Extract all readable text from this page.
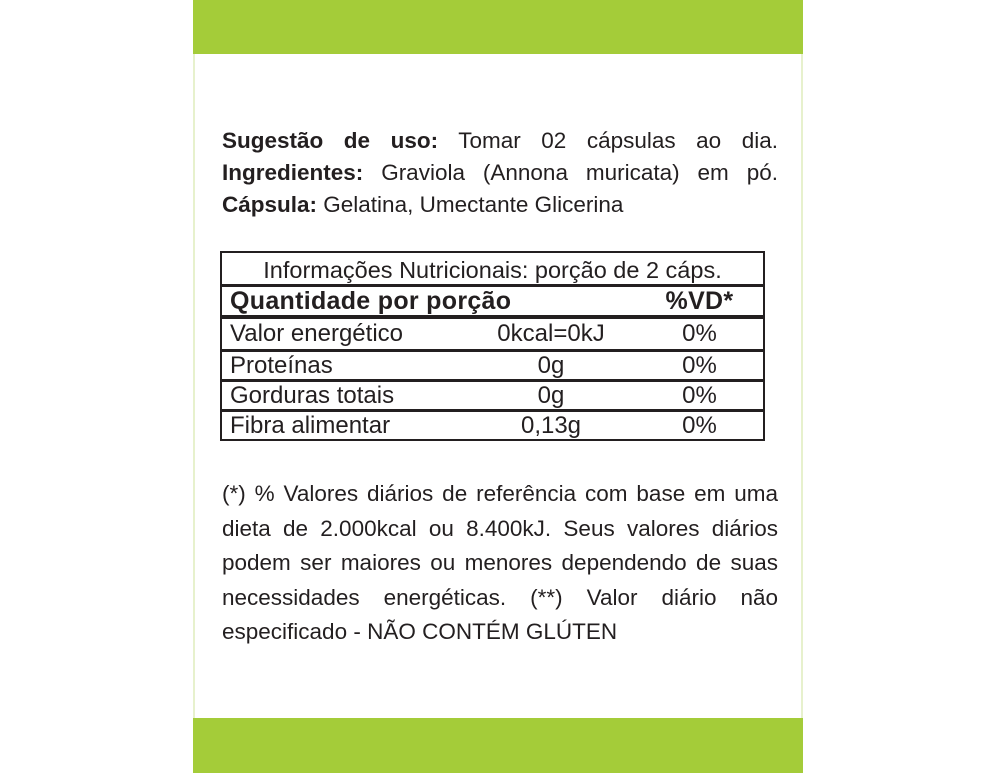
Sugestão de uso: Tomar 02 cápsulas ao dia.
Ingredientes: Graviola (Annona muricata) em pó.
Cápsula: Gelatina, Umectante Glicerina
Informações Nutricionais: porção de 2 cáps.
Quantidade por porção	%VD*
Valor energético	0kcal=0kJ	0%
Proteínas	0g	0%
Gorduras totais	0g	0%
Fibra alimentar	0,13g	0%
(*) % Valores diários de referência com base em uma
dieta de 2.000kcal ou 8.400kJ. Seus valores diários
podem ser maiores ou menores dependendo de suas
necessidades energéticas. (**) Valor diário não
especificado - NÃO CONTÉM GLÚTEN
